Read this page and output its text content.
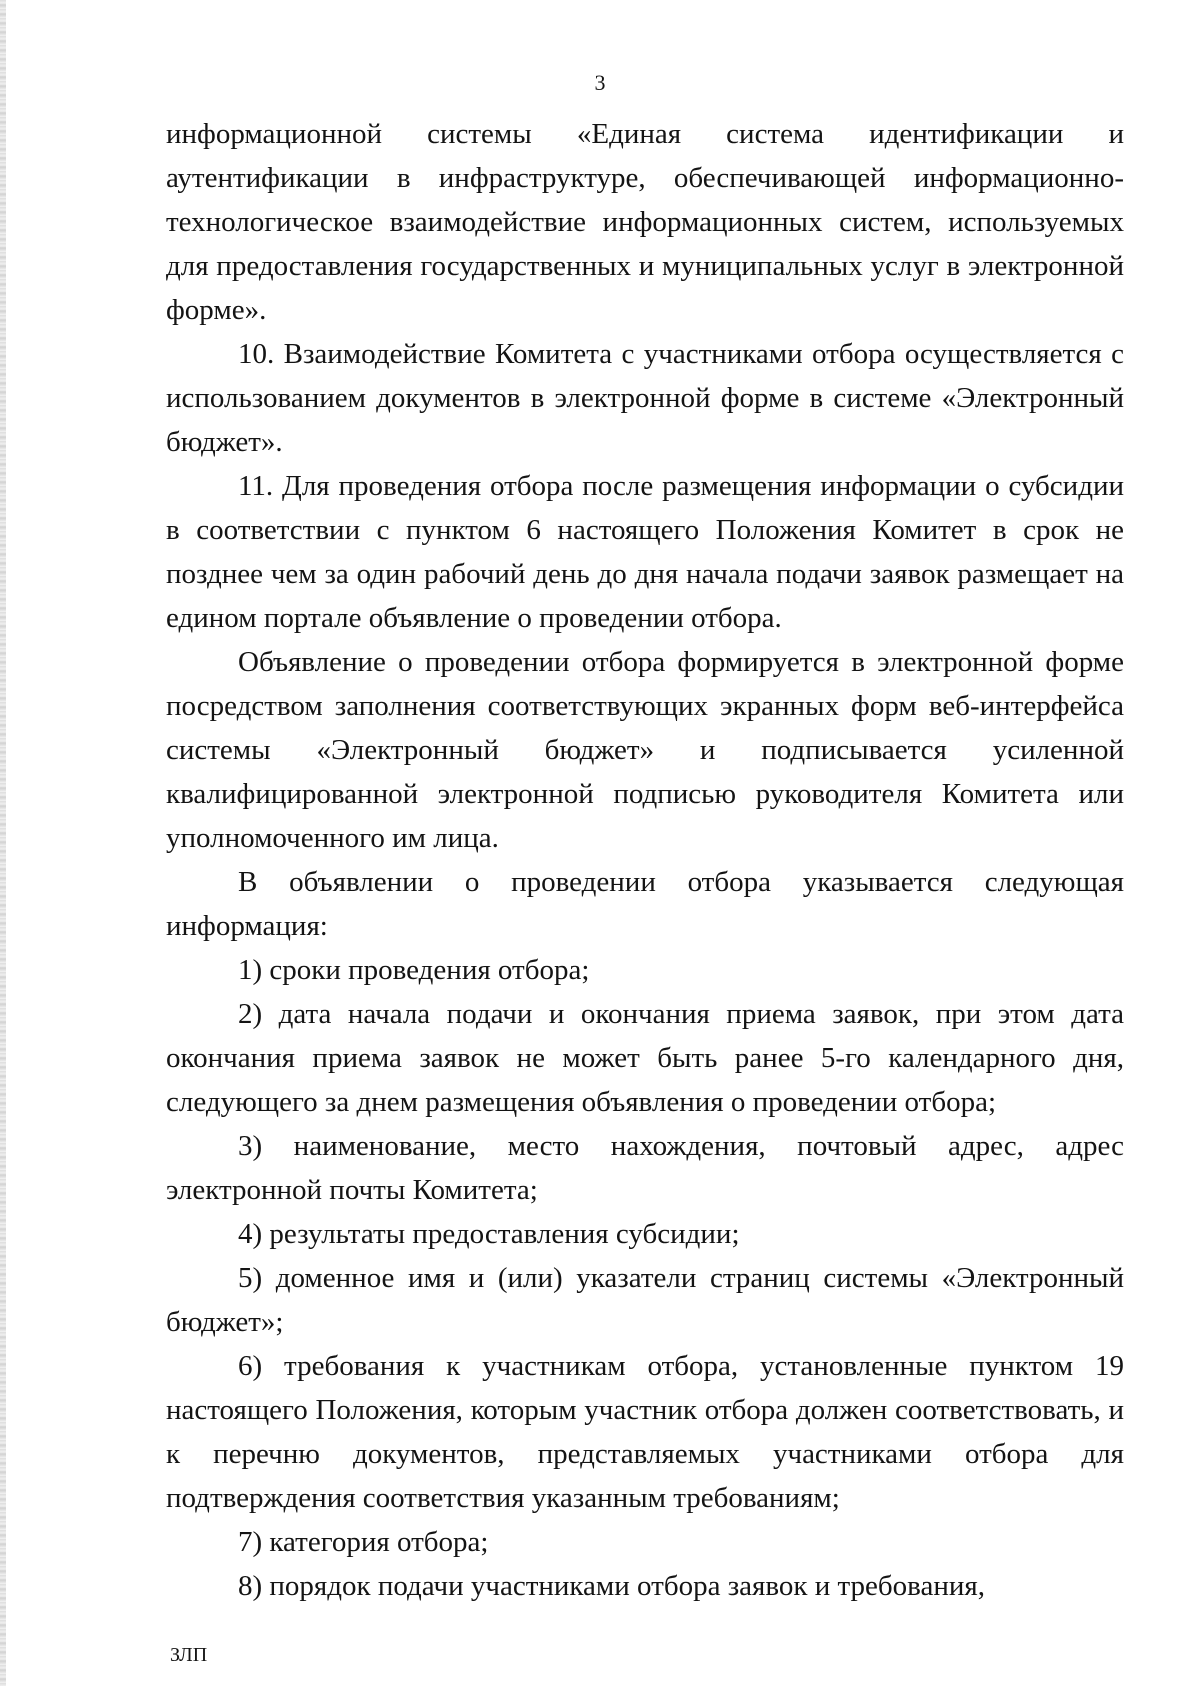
3

информационной системы «Единая система идентификации и аутентификации в инфраструктуре, обеспечивающей информационно-технологическое взаимодействие информационных систем, используемых для предоставления государственных и муниципальных услуг в электронной форме».

10. Взаимодействие Комитета с участниками отбора осуществляется с использованием документов в электронной форме в системе «Электронный бюджет».

11. Для проведения отбора после размещения информации о субсидии в соответствии с пунктом 6 настоящего Положения Комитет в срок не позднее чем за один рабочий день до дня начала подачи заявок размещает на едином портале объявление о проведении отбора.

Объявление о проведении отбора формируется в электронной форме посредством заполнения соответствующих экранных форм веб-интерфейса системы «Электронный бюджет» и подписывается усиленной квалифицированной электронной подписью руководителя Комитета или уполномоченного им лица.

В объявлении о проведении отбора указывается следующая информация:

1) сроки проведения отбора;

2) дата начала подачи и окончания приема заявок, при этом дата окончания приема заявок не может быть ранее 5-го календарного дня, следующего за днем размещения объявления о проведении отбора;

3) наименование, место нахождения, почтовый адрес, адрес электронной почты Комитета;

4) результаты предоставления субсидии;

5) доменное имя и (или) указатели страниц системы «Электронный бюджет»;

6) требования к участникам отбора, установленные пунктом 19 настоящего Положения, которым участник отбора должен соответствовать, и к перечню документов, представляемых участниками отбора для подтверждения соответствия указанным требованиям;

7) категория отбора;

8) порядок подачи участниками отбора заявок и требования,

ЗЛП
